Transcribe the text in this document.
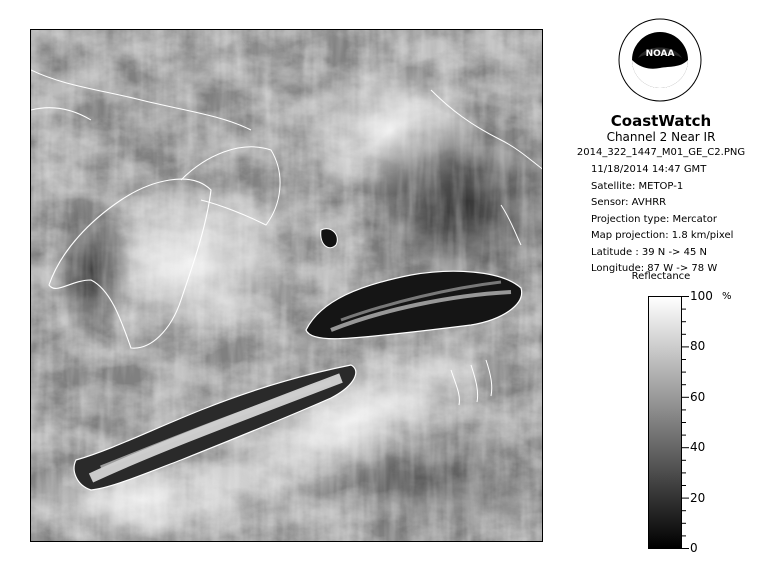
NOAA
CoastWatch
Channel 2 Near IR
2014_322_1447_M01_GE_C2.PNG
11/18/2014 14:47 GMT
Satellite: METOP-1
Sensor: AVHRR
Projection type: Mercator
Map projection: 1.8 km/pixel
Latitude : 39 N -> 45 N
Longitude: 87 W -> 78 W
Reflectance
%
100
80
60
40
20
0
